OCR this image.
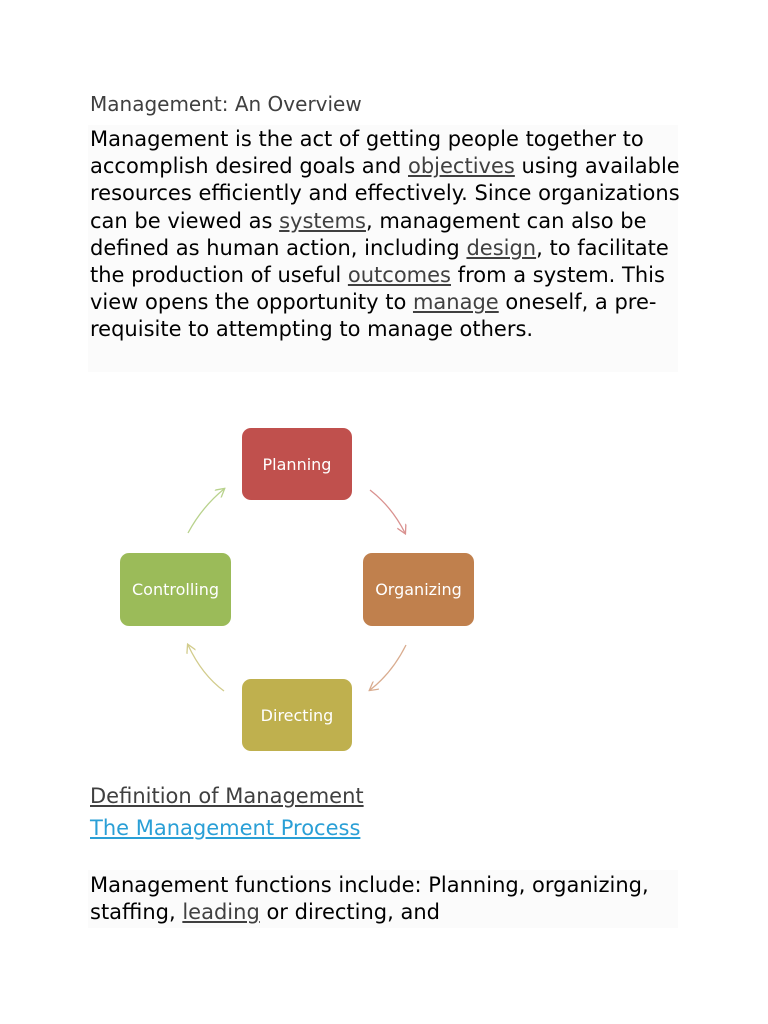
Management: An Overview

Management is the act of getting people together to accomplish desired goals and objectives using available resources efficiently and effectively. Since organizations can be viewed as systems, management can also be defined as human action, including design, to facilitate the production of useful outcomes from a system. This view opens the opportunity to manage oneself, a pre-requisite to attempting to manage others.

Planning
Organizing
Directing
Controlling
Definition of Management
The Management Process

Management functions include: Planning, organizing, staffing, leading or directing, and
